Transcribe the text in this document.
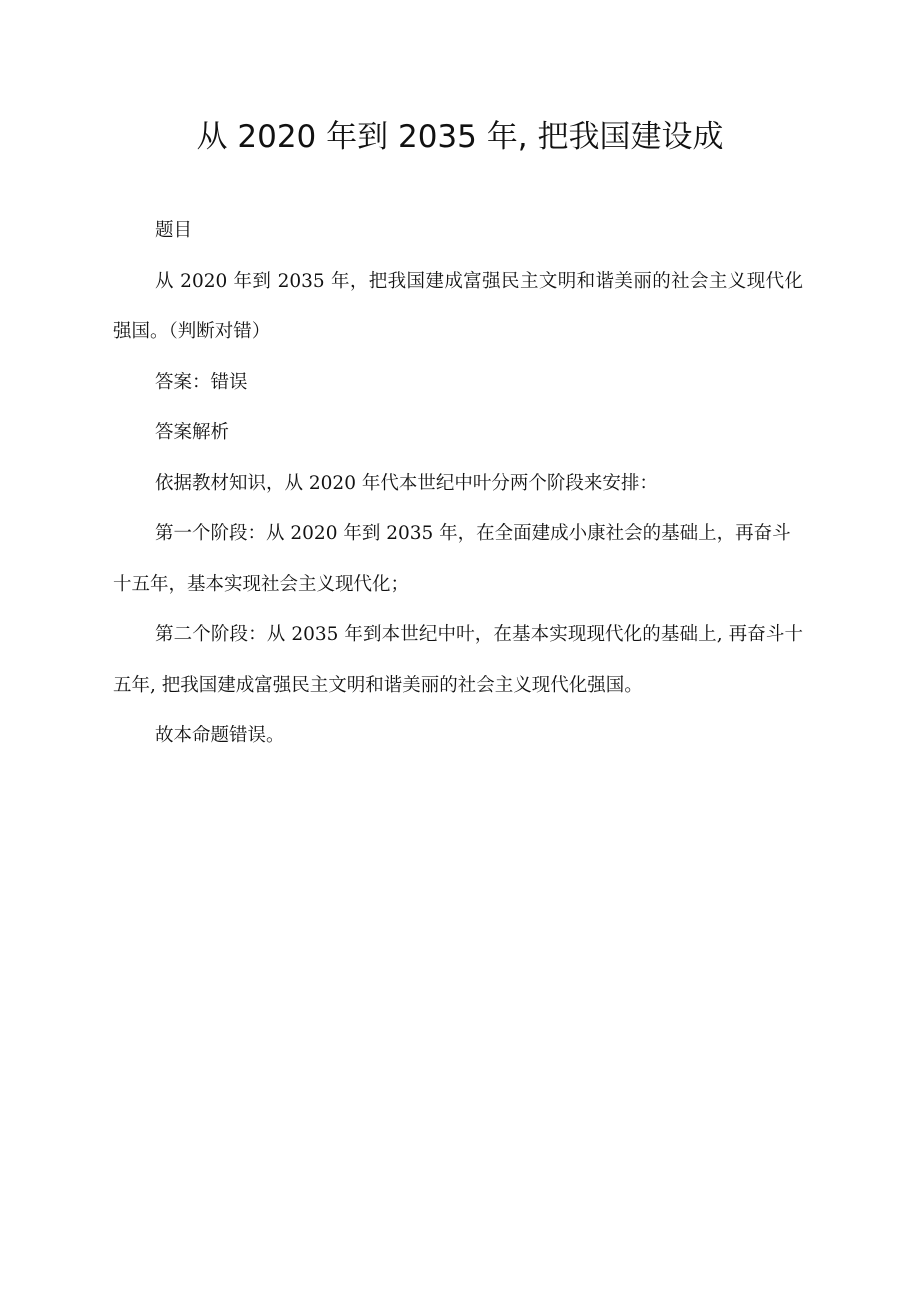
从 2020 年到 2035 年, 把我国建设成

题目

从 2020 年到 2035 年，把我国建成富强民主文明和谐美丽的社会主义现代化强国。（判断对错）

答案：错误

答案解析

依据教材知识，从 2020 年代本世纪中叶分两个阶段来安排：

第一个阶段：从 2020 年到 2035 年，在全面建成小康社会的基础上，再奋斗十五年，基本实现社会主义现代化；

第二个阶段：从 2035 年到本世纪中叶，在基本实现现代化的基础上, 再奋斗十五年, 把我国建成富强民主文明和谐美丽的社会主义现代化强国。

故本命题错误。
